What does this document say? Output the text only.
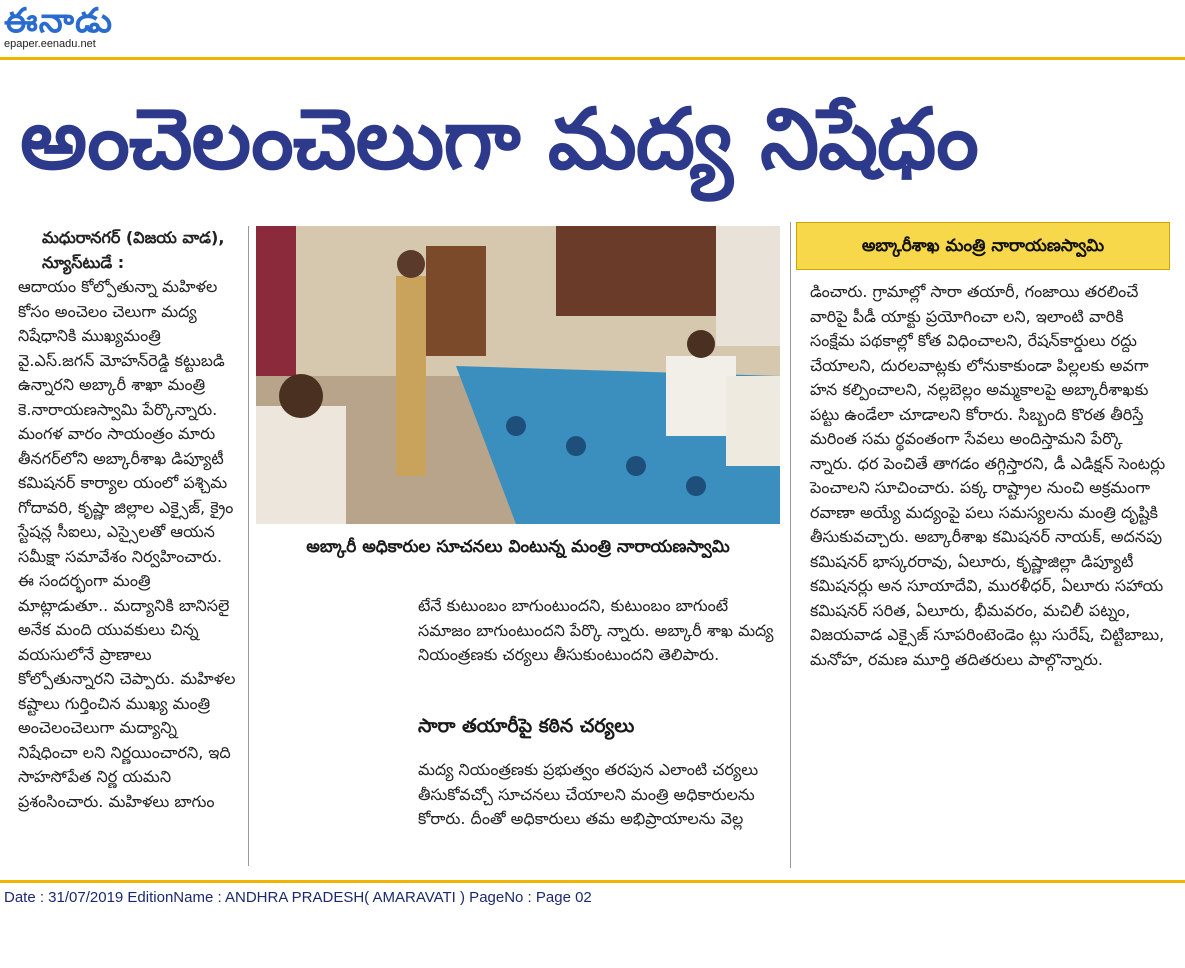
ఈనాడు
epaper.eenadu.net
అంచెలంచెలుగా మద్య నిషేధం
మధురానగర్ (విజయ వాడ), న్యూస్‌టుడే :

ఆదాయం కోల్పోతున్నా మహిళల కోసం అంచెలం చెలుగా మద్య నిషేధానికి ముఖ్యమంత్రి వై.ఎస్.జగన్ మోహన్‌రెడ్డి కట్టుబడి ఉన్నారని అబ్కారీ శాఖా మంత్రి కె.నారాయణస్వామి పేర్కొన్నారు. మంగళ వారం సాయంత్రం మారు తీనగర్‌లోని అబ్కారీశాఖ డిప్యూటీ కమిషనర్ కార్యాల యంలో పశ్చిమ గోదావరి, కృష్ణా జిల్లాల ఎక్సైజ్, క్రైం స్టేషన్ల సీఐలు, ఎస్సైలతో ఆయన సమీక్షా సమావేశం నిర్వహించారు. ఈ సందర్భంగా మంత్రి మాట్లాడుతూ.. మద్యానికి బానిసలై అనేక మంది యువకులు చిన్న వయసులోనే ప్రాణాలు కోల్పోతున్నారని చెప్పారు. మహిళల కష్టాలు గుర్తించిన ముఖ్య మంత్రి అంచెలంచెలుగా మద్యాన్ని నిషేధించా లని నిర్ణయించారని, ఇది సాహసోపేత నిర్ణ యమని ప్రశంసించారు. మహిళలు బాగుం

అబ్కారీ అధికారుల సూచనలు వింటున్న మంత్రి నారాయణస్వామి
టేనే కుటుంబం బాగుంటుందని, కుటుంబం బాగుంటే సమాజం బాగుంటుందని పేర్కొ న్నారు. అబ్కారీ శాఖ మద్య నియంత్రణకు చర్యలు తీసుకుంటుందని తెలిపారు.
సారా తయారీపై కఠిన చర్యలు
మద్య నియంత్రణకు ప్రభుత్వం తరపున ఎలాంటి చర్యలు తీసుకోవచ్చో సూచనలు చేయాలని మంత్రి అధికారులను కోరారు. దీంతో అధికారులు తమ అభిప్రాయాలను వెల్ల
అబ్కారీశాఖ మంత్రి నారాయణస్వామి
డించారు. గ్రామాల్లో సారా తయారీ, గంజాయి తరలించే వారిపై పీడీ యాక్టు ప్రయోగించా లని, ఇలాంటి వారికి సంక్షేమ పథకాల్లో కోత విధించాలని, రేషన్‌కార్డులు రద్దు చేయాలని, దురలవాట్లకు లోనుకాకుండా పిల్లలకు అవగా హన కల్పించాలని, నల్లబెల్లం అమ్మకాలపై అబ్కారీశాఖకు పట్టు ఉండేలా చూడాలని కోరారు. సిబ్బంది కొరత తీరిస్తే మరింత సమ ర్థవంతంగా సేవలు అందిస్తామని పేర్కొ న్నారు. ధర పెంచితే తాగడం తగ్గిస్తారని, డీ ఎడిక్షన్ సెంటర్లు పెంచాలని సూచించారు. పక్క రాష్ట్రాల నుంచి అక్రమంగా రవాణా అయ్యే మద్యంపై పలు సమస్యలను మంత్రి దృష్టికి తీసుకువచ్చారు. అబ్కారీశాఖ కమిషనర్ నాయక్, అదనపు కమిషనర్ భాస్కరరావు, ఏలూరు, కృష్ణాజిల్లా డిప్యూటీ కమిషనర్లు అన సూయాదేవి, మురళీధర్, ఏలూరు సహాయ కమిషనర్ సరిత, ఏలూరు, భీమవరం, మచిలీ పట్నం, విజయవాడ ఎక్సైజ్ సూపరింటెండెం ట్లు సురేష్, చిట్టిబాబు, మనోహ, రమణ మూర్తి తదితరులు పాల్గొన్నారు.
Date : 31/07/2019 EditionName : ANDHRA PRADESH( AMARAVATI ) PageNo : Page 02
